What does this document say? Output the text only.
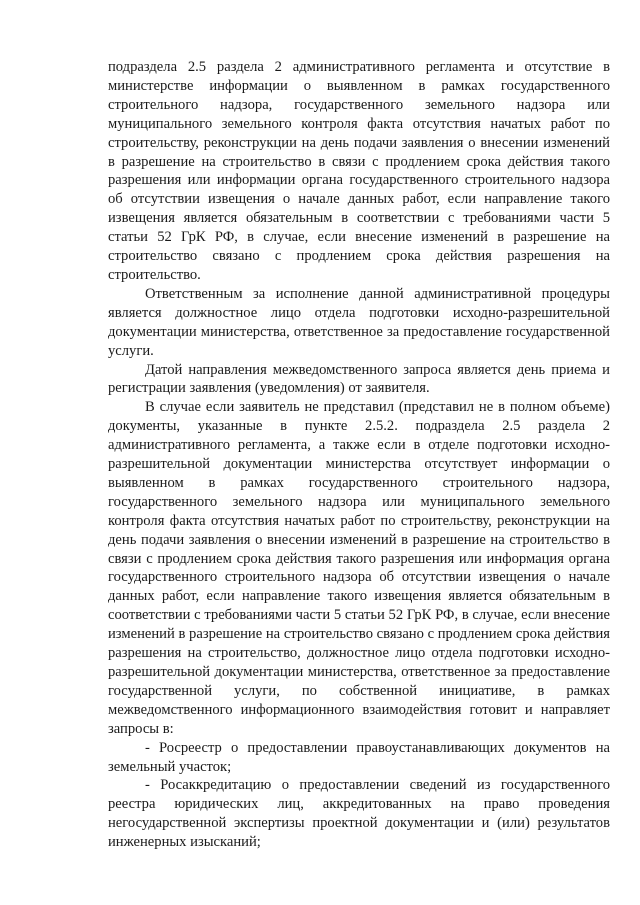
подраздела 2.5 раздела 2 административного регламента и отсутствие в министерстве информации о выявленном в рамках государственного строительного надзора, государственного земельного надзора или муниципального земельного контроля факта отсутствия начатых работ по строительству, реконструкции на день подачи заявления о внесении изменений в разрешение на строительство в связи с продлением срока действия такого разрешения или информации органа государственного строительного надзора об отсутствии извещения о начале данных работ, если направление такого извещения является обязательным в соответствии с требованиями части 5 статьи 52 ГрК РФ, в случае, если внесение изменений в разрешение на строительство связано с продлением срока действия разрешения на строительство.

Ответственным за исполнение данной административной процедуры является должностное лицо отдела подготовки исходно-разрешительной документации министерства, ответственное за предоставление государственной услуги.

Датой направления межведомственного запроса является день приема и регистрации заявления (уведомления) от заявителя.

В случае если заявитель не представил (представил не в полном объеме) документы, указанные в пункте 2.5.2. подраздела 2.5 раздела 2 административного регламента, а также если в отделе подготовки исходно-разрешительной документации министерства отсутствует информации о выявленном в рамках государственного строительного надзора, государственного земельного надзора или муниципального земельного контроля факта отсутствия начатых работ по строительству, реконструкции на день подачи заявления о внесении изменений в разрешение на строительство в связи с продлением срока действия такого разрешения или информация органа государственного строительного надзора об отсутствии извещения о начале данных работ, если направление такого извещения является обязательным в соответствии с требованиями части 5 статьи 52 ГрК РФ, в случае, если внесение изменений в разрешение на строительство связано с продлением срока действия разрешения на строительство, должностное лицо отдела подготовки исходно-разрешительной документации министерства, ответственное за предоставление государственной услуги, по собственной инициативе, в рамках межведомственного информационного взаимодействия готовит и направляет запросы в:

- Росреестр о предоставлении правоустанавливающих документов на земельный участок;

- Росаккредитацию о предоставлении сведений из государственного реестра юридических лиц, аккредитованных на право проведения негосударственной экспертизы проектной документации и (или) результатов инженерных изысканий;
